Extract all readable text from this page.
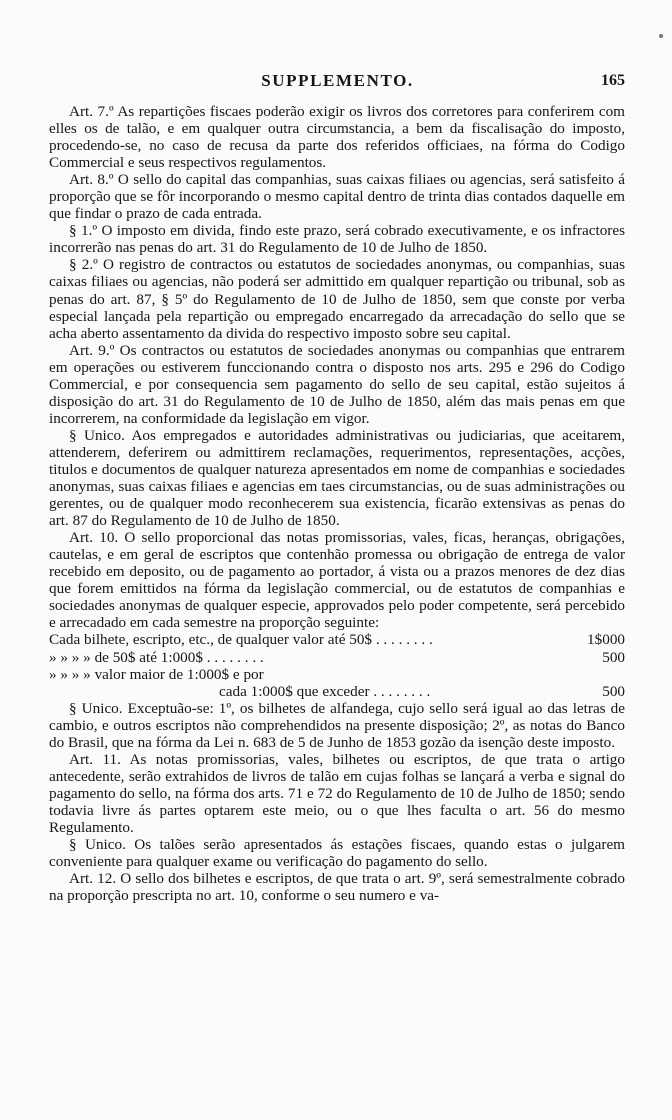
SUPPLEMENTO.	165

Art. 7.º As repartições fiscaes poderão exigir os livros dos corretores para conferirem com elles os de talão, e em qualquer outra circumstancia, a bem da fiscalisação do imposto, procedendo-se, no caso de recusa da parte dos referidos officiaes, na fórma do Codigo Commercial e seus respectivos regulamentos.

Art. 8.º O sello do capital das companhias, suas caixas filiaes ou agencias, será satisfeito á proporção que se fôr incorporando o mesmo capital dentro de trinta dias contados daquelle em que findar o prazo de cada entrada.

§ 1.º O imposto em divida, findo este prazo, será cobrado executivamente, e os infractores incorrerão nas penas do art. 31 do Regulamento de 10 de Julho de 1850.

§ 2.º O registro de contractos ou estatutos de sociedades anonymas, ou companhias, suas caixas filiaes ou agencias, não poderá ser admittido em qualquer repartição ou tribunal, sob as penas do art. 87, § 5º do Regulamento de 10 de Julho de 1850, sem que conste por verba especial lançada pela repartição ou empregado encarregado da arrecadação do sello que se acha aberto assentamento da divida do respectivo imposto sobre seu capital.

Art. 9.º Os contractos ou estatutos de sociedades anonymas ou companhias que entrarem em operações ou estiverem funccionando contra o disposto nos arts. 295 e 296 do Codigo Commercial, e por consequencia sem pagamento do sello de seu capital, estão sujeitos á disposição do art. 31 do Regulamento de 10 de Julho de 1850, além das mais penas em que incorrerem, na conformidade da legislação em vigor.

§ Unico. Aos empregados e autoridades administrativas ou judiciarias, que aceitarem, attenderem, deferirem ou admittirem reclamações, requerimentos, representações, acções, titulos e documentos de qualquer natureza apresentados em nome de companhias e sociedades anonymas, suas caixas filiaes e agencias em taes circumstancias, ou de suas administrações ou gerentes, ou de qualquer modo reconhecerem sua existencia, ficarão extensivas as penas do art. 87 do Regulamento de 10 de Julho de 1850.

Art. 10. O sello proporcional das notas promissorias, vales, ficas, heranças, obrigações, cautelas, e em geral de escriptos que contenhão promessa ou obrigação de entrega de valor recebido em deposito, ou de pagamento ao portador, á vista ou a prazos menores de dez dias que forem emittidos na fórma da legislação commercial, ou de estatutos de companhias e sociedades anonymas de qualquer especie, approvados pelo poder competente, será percebido e arrecadado em cada semestre na proporção seguinte:

Cada bilhete, escripto, etc., de qualquer valor até 50$ . . . . . . . .	1$000
» » » » de 50$ até 1:000$ . . . . . . . .	500
» » » » valor maior de 1:000$ e por
cada 1:000$ que exceder . . . . . . . .	500

§ Unico. Exceptuão-se: 1º, os bilhetes de alfandega, cujo sello será igual ao das letras de cambio, e outros escriptos não comprehendidos na presente disposição; 2º, as notas do Banco do Brasil, que na fórma da Lei n. 683 de 5 de Junho de 1853 gozão da isenção deste imposto.

Art. 11. As notas promissorias, vales, bilhetes ou escriptos, de que trata o artigo antecedente, serão extrahidos de livros de talão em cujas folhas se lançará a verba e signal do pagamento do sello, na fórma dos arts. 71 e 72 do Regulamento de 10 de Julho de 1850; sendo todavia livre ás partes optarem este meio, ou o que lhes faculta o art. 56 do mesmo Regulamento.

§ Unico. Os talões serão apresentados ás estações fiscaes, quando estas o julgarem conveniente para qualquer exame ou verificação do pagamento do sello.

Art. 12. O sello dos bilhetes e escriptos, de que trata o art. 9º, será semestralmente cobrado na proporção prescripta no art. 10, conforme o seu numero e va-
